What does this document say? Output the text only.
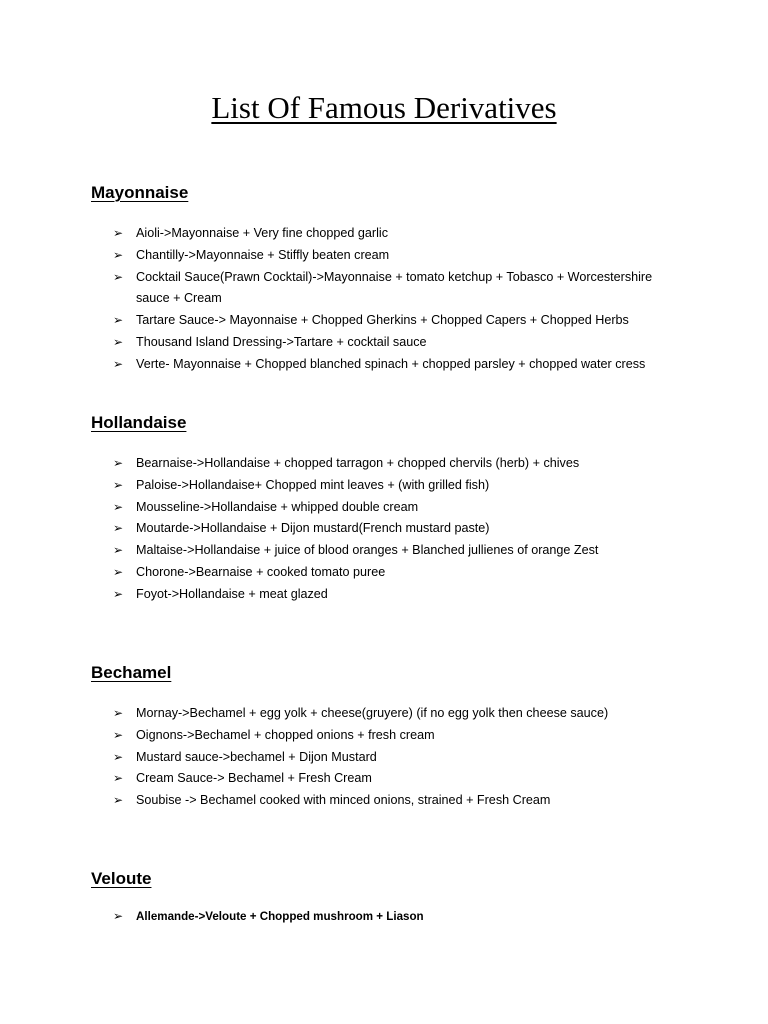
List Of Famous Derivatives
Mayonnaise
➢ Aioli->Mayonnaise + Very fine chopped garlic
➢ Chantilly->Mayonnaise + Stiffly beaten cream
➢ Cocktail Sauce(Prawn Cocktail)->Mayonnaise + tomato ketchup + Tobasco + Worcestershire sauce + Cream
➢ Tartare Sauce-> Mayonnaise + Chopped Gherkins + Chopped Capers + Chopped Herbs
➢ Thousand Island Dressing->Tartare + cocktail sauce
➢ Verte- Mayonnaise + Chopped blanched spinach + chopped parsley + chopped water cress
Hollandaise
➢ Bearnaise->Hollandaise + chopped tarragon + chopped chervils (herb) + chives
➢ Paloise->Hollandaise+ Chopped mint leaves + (with grilled fish)
➢ Mousseline->Hollandaise + whipped double cream
➢ Moutarde->Hollandaise + Dijon mustard(French mustard paste)
➢ Maltaise->Hollandaise + juice of blood oranges + Blanched jullienes of orange Zest
➢ Chorone->Bearnaise + cooked tomato puree
➢ Foyot->Hollandaise + meat glazed
Bechamel
➢ Mornay->Bechamel + egg yolk + cheese(gruyere) (if no egg yolk then cheese sauce)
➢ Oignons->Bechamel + chopped onions + fresh cream
➢ Mustard sauce->bechamel + Dijon Mustard
➢ Cream Sauce-> Bechamel + Fresh Cream
➢ Soubise -> Bechamel cooked with minced onions, strained + Fresh Cream
Veloute
➢ Allemande->Veloute + Chopped mushroom + Liason
